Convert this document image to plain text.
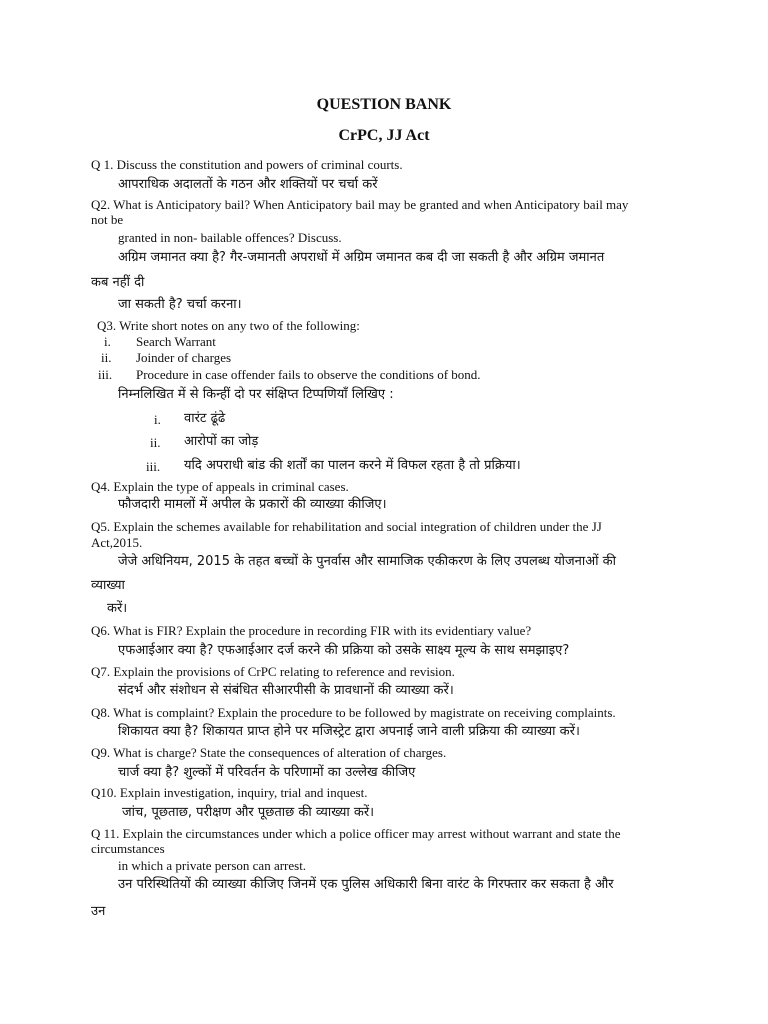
QUESTION BANK
CrPC, JJ Act
Q 1. Discuss the constitution and powers of criminal courts.
आपराधिक अदालतों के गठन और शक्तियों पर चर्चा करें
Q2. What is Anticipatory bail? When Anticipatory bail may be granted and when Anticipatory bail may
not be
granted in non- bailable offences? Discuss.
अग्रिम जमानत क्या है? गैर-जमानती अपराधों में अग्रिम जमानत कब दी जा सकती है और अग्रिम जमानत
कब नहीं दी
जा सकती है? चर्चा करना।
Q3. Write short notes on any two of the following:
i. Search Warrant
ii. Joinder of charges
iii. Procedure in case offender fails to observe the conditions of bond.
निम्नलिखित में से किन्हीं दो पर संक्षिप्त टिप्पणियाँ लिखिए :
i. वारंट ढूंढे
ii. आरोपों का जोड़
iii. यदि अपराधी बांड की शर्तों का पालन करने में विफल रहता है तो प्रक्रिया।
Q4. Explain the type of appeals in criminal cases.
फौजदारी मामलों में अपील के प्रकारों की व्याख्या कीजिए।
Q5. Explain the schemes available for rehabilitation and social integration of children under the JJ
Act,2015.
जेजे अधिनियम, 2015 के तहत बच्चों के पुनर्वास और सामाजिक एकीकरण के लिए उपलब्ध योजनाओं की
व्याख्या
करें।
Q6. What is FIR? Explain the procedure in recording FIR with its evidentiary value?
एफआईआर क्या है? एफआईआर दर्ज करने की प्रक्रिया को उसके साक्ष्य मूल्य के साथ समझाइए?
Q7. Explain the provisions of CrPC relating to reference and revision.
संदर्भ और संशोधन से संबंधित सीआरपीसी के प्रावधानों की व्याख्या करें।
Q8. What is complaint? Explain the procedure to be followed by magistrate on receiving complaints.
शिकायत क्या है? शिकायत प्राप्त होने पर मजिस्ट्रेट द्वारा अपनाई जाने वाली प्रक्रिया की व्याख्या करें।
Q9. What is charge? State the consequences of alteration of charges.
चार्ज क्या है? शुल्कों में परिवर्तन के परिणामों का उल्लेख कीजिए
Q10. Explain investigation, inquiry, trial and inquest.
जांच, पूछताछ, परीक्षण और पूछताछ की व्याख्या करें।
Q 11. Explain the circumstances under which a police officer may arrest without warrant and state the
circumstances
in which a private person can arrest.
उन परिस्थितियों की व्याख्या कीजिए जिनमें एक पुलिस अधिकारी बिना वारंट के गिरफ्तार कर सकता है और
उन
